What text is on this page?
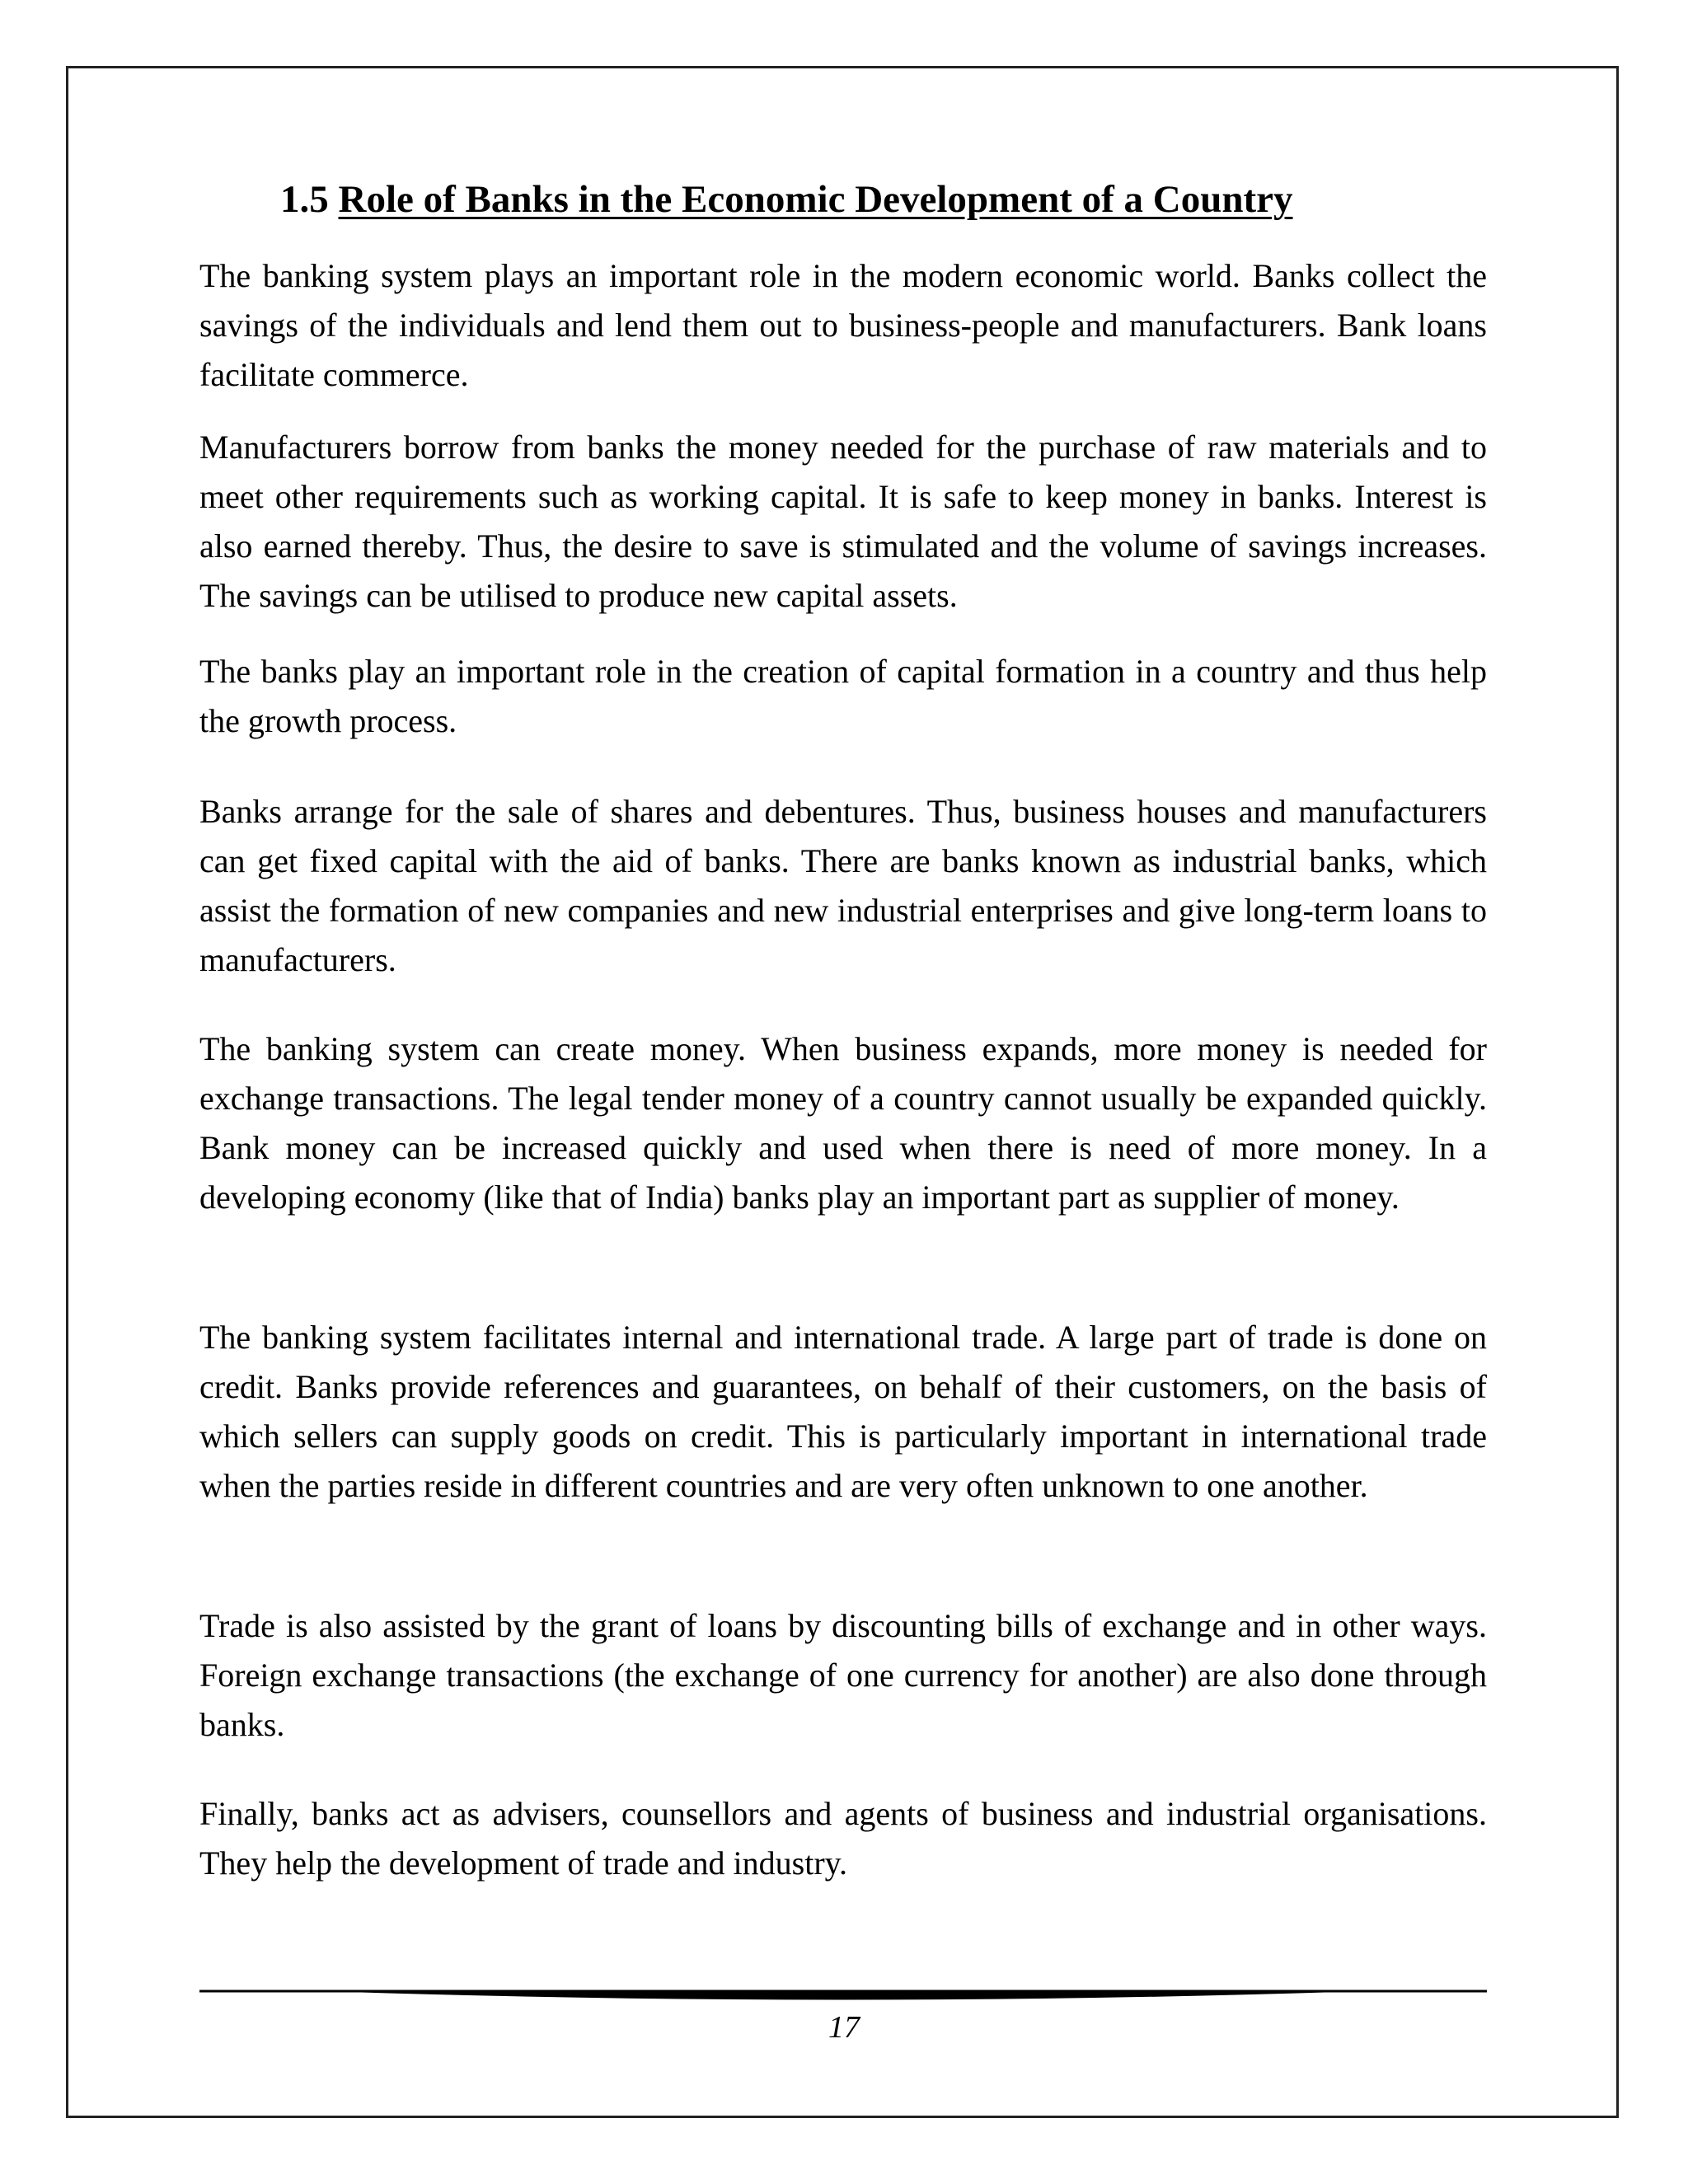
1.5 Role of Banks in the Economic Development of a Country

The banking system plays an important role in the modern economic world. Banks collect the savings of the individuals and lend them out to business-people and manufacturers. Bank loans facilitate commerce.

Manufacturers borrow from banks the money needed for the purchase of raw materials and to meet other requirements such as working capital. It is safe to keep money in banks. Interest is also earned thereby. Thus, the desire to save is stimulated and the volume of savings increases. The savings can be utilised to produce new capital assets.

The banks play an important role in the creation of capital formation in a country and thus help the growth process.

Banks arrange for the sale of shares and debentures. Thus, business houses and manufacturers can get fixed capital with the aid of banks. There are banks known as industrial banks, which assist the formation of new companies and new industrial enterprises and give long-term loans to manufacturers.

The banking system can create money. When business expands, more money is needed for exchange transactions. The legal tender money of a country cannot usually be expanded quickly. Bank money can be increased quickly and used when there is need of more money. In a developing economy (like that of India) banks play an important part as supplier of money.

The banking system facilitates internal and international trade. A large part of trade is done on credit. Banks provide references and guarantees, on behalf of their customers, on the basis of which sellers can supply goods on credit. This is particularly important in international trade when the parties reside in different countries and are very often unknown to one another.

Trade is also assisted by the grant of loans by discounting bills of exchange and in other ways. Foreign exchange transactions (the exchange of one currency for another) are also done through banks.

Finally, banks act as advisers, counsellors and agents of business and industrial organisations. They help the development of trade and industry.

17
